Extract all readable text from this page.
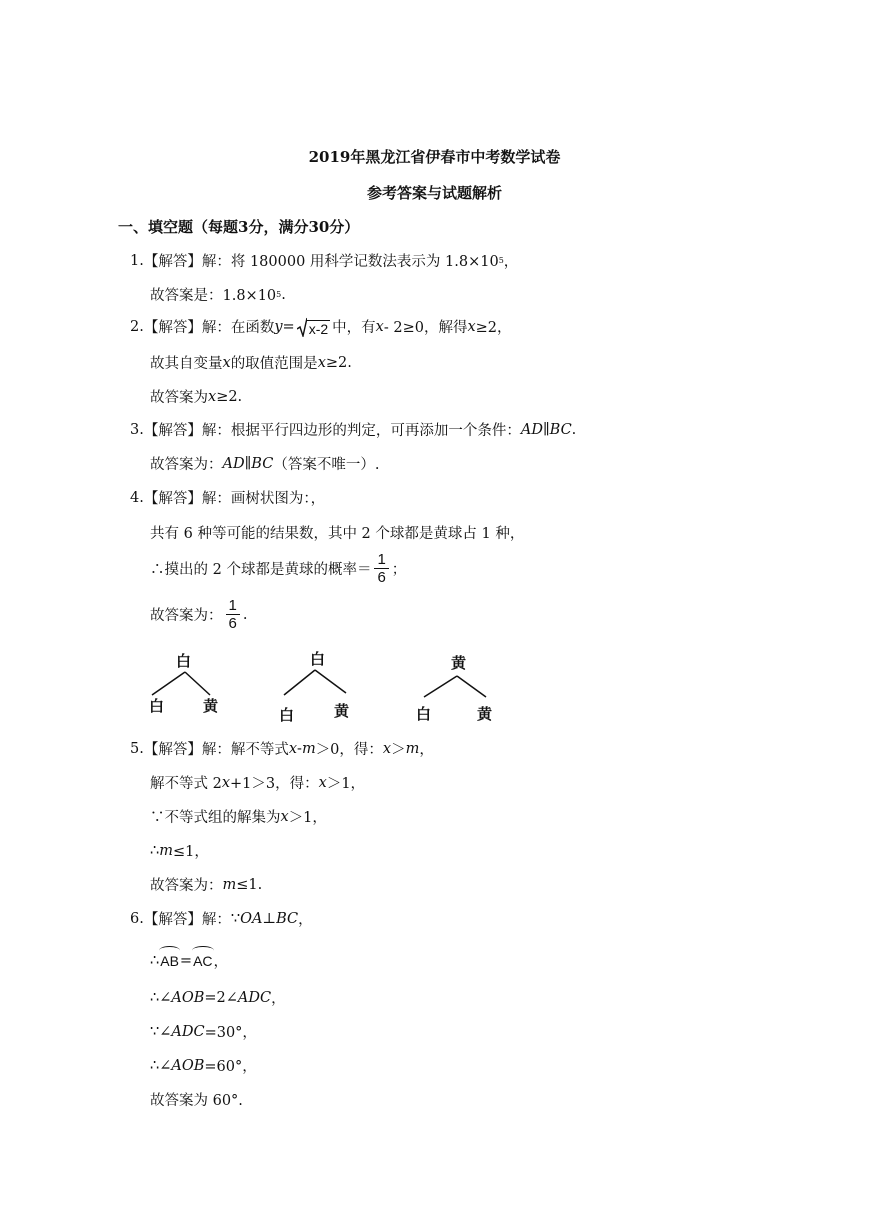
2019年黑龙江省伊春市中考数学试卷
参考答案与试题解析
一、填空题（每题3分，满分30分）
1. 【解答】解： 将 180000 用科学记数法表示为 1.8×10 5 ，
故答案是：1.8×10 5 .
2. 【解答】解： 在函数 y = x-2 中，有 x - 2≥0，解得 x ≥2，
故其自变量 x 的取值范围是 x ≥2.
故答案为 x ≥2.
3. 【解答】解： 根据平行四边形的判定，可再添加一个条件： AD∥BC .
故答案为： AD∥BC （答案不唯一）.
4. 【解答】解： 画树状图为：，
共有 6 种等可能的结果数，其中 2 个球都是黄球占 1 种，
∴摸出的 2 个球都是黄球的概率＝ $\frac{1}{6}$ ；
故答案为： $\frac{1}{6}$ .
白
白	黄
白
白	黄
黄
白	黄
5. 【解答】解： 解不等式 x - m ＞0，得： x ＞ m ，
解不等式 2 x +1＞3，得： x ＞1，
∵不等式组的解集为 x ＞1，
∴ m ≤1，
故答案为： m ≤1.
6. 【解答】解： ∵ OA⊥BC ，
∴ AB = AC ，
∴∠ AOB =2∠ ADC ，
∵∠ ADC =30°，
∴∠ AOB =60°，
故答案为 60°.
